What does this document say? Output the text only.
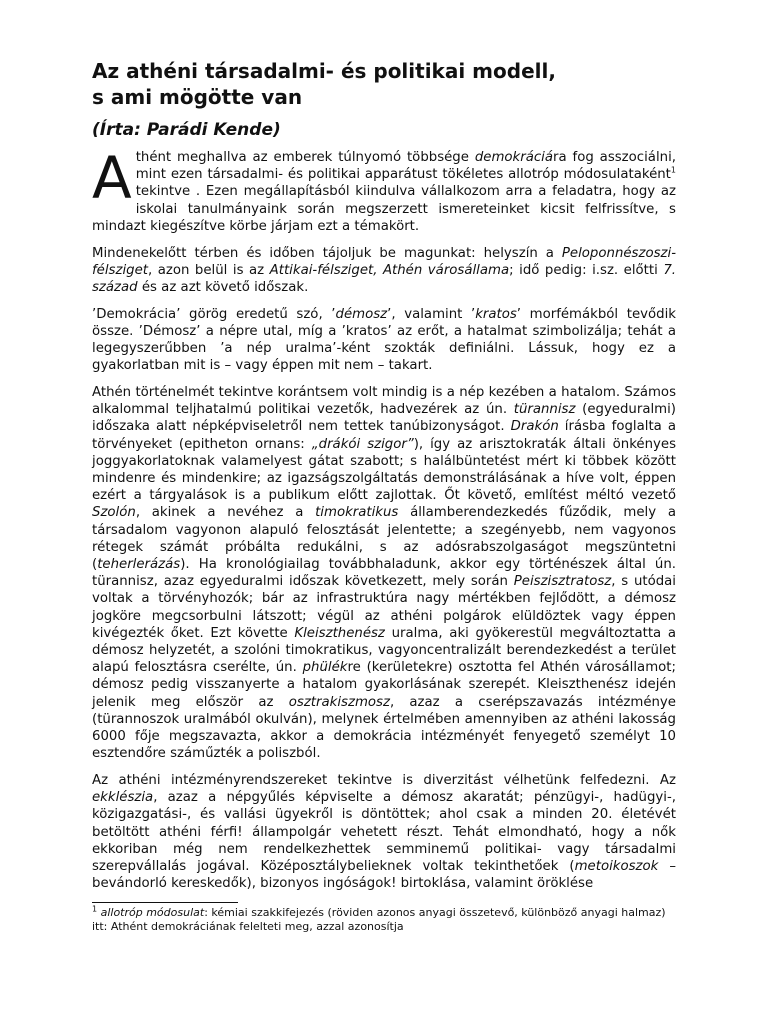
Az athéni társadalmi- és politikai modell,
s ami mögötte van
(Írta: Parádi Kende)

Athént meghallva az emberek túlnyomó többsége demokráciára fog asszociálni, mint ezen társadalmi- és politikai apparátust tökéletes allotróp módosulataként$^1$ tekintve . Ezen megállapításból kiindulva vállalkozom arra a feladatra, hogy az iskolai tanulmányaink során megszerzett ismereteinket kicsit felfrissítve, s mindazt kiegészítve körbe járjam ezt a témakört.

Mindenekelőtt térben és időben tájoljuk be magunkat: helyszín a Peloponnészoszi-félsziget, azon belül is az Attikai-félsziget, Athén városállama; idő pedig: i.sz. előtti 7. század és az azt követő időszak.

’Demokrácia’ görög eredetű szó, ’démosz’, valamint ’kratos’ morfémákból tevődik össze. ’Démosz’ a népre utal, míg a ’kratos’ az erőt, a hatalmat szimbolizálja; tehát a legegyszerűbben ’a nép uralma’-ként szokták definiálni. Lássuk, hogy ez a gyakorlatban mit is – vagy éppen mit nem – takart.

Athén történelmét tekintve korántsem volt mindig is a nép kezében a hatalom. Számos alkalommal teljhatalmú politikai vezetők, hadvezérek az ún. türannisz (egyeduralmi) időszaka alatt népképviseletről nem tettek tanúbizonyságot. Drakón írásba foglalta a törvényeket (epitheton ornans: „drákói szigor”), így az arisztokraták általi önkényes joggyakorlatoknak valamelyest gátat szabott; s halálbüntetést mért ki többek között mindenre és mindenkire; az igazságszolgáltatás demonstrálásának a híve volt, éppen ezért a tárgyalások is a publikum előtt zajlottak. Őt követő, említést méltó vezető Szolón, akinek a nevéhez a timokratikus államberendezkedés fűződik, mely a társadalom vagyonon alapuló felosztását jelentette; a szegényebb, nem vagyonos rétegek számát próbálta redukálni, s az adósrabszolgaságot megszüntetni (teherlerázás). Ha kronológiailag továbbhaladunk, akkor egy történészek által ún. türannisz, azaz egyeduralmi időszak következett, mely során Peiszisztratosz, s utódai voltak a törvényhozók; bár az infrastruktúra nagy mértékben fejlődött, a démosz jogköre megcsorbulni látszott; végül az athéni polgárok elüldöztek vagy éppen kivégezték őket. Ezt követte Kleiszthenész uralma, aki gyökerestül megváltoztatta a démosz helyzetét, a szolóni timokratikus, vagyoncentralizált berendezkedést a terület alapú felosztásra cserélte, ún. phülékre (kerületekre) osztotta fel Athén városállamot; démosz pedig visszanyerte a hatalom gyakorlásának szerepét. Kleiszthenész idején jelenik meg először az osztrakiszmosz, azaz a cserépszavazás intézménye (türannoszok uralmából okulván), melynek értelmében amennyiben az athéni lakosság 6000 fője megszavazta, akkor a demokrácia intézményét fenyegető személyt 10 esztendőre száműzték a poliszból.

Az athéni intézményrendszereket tekintve is diverzitást vélhetünk felfedezni. Az ekklészia, azaz a népgyűlés képviselte a démosz akaratát; pénzügyi-, hadügyi-, közigazgatási-, és vallási ügyekről is döntöttek; ahol csak a minden 20. életévét betöltött athéni férfi! állampolgár vehetett részt. Tehát elmondható, hogy a nők ekkoriban még nem rendelkezhettek semminemű politikai- vagy társadalmi szerepvállalás jogával. Középosztálybelieknek voltak tekinthetőek (metoikoszok – bevándorló kereskedők), bizonyos ingóságok! birtoklása, valamint öröklése

$^1$ allotróp módosulat: kémiai szakkifejezés (röviden azonos anyagi összetevő, különböző anyagi halmaz)
itt: Athént demokráciának felelteti meg, azzal azonosítja
